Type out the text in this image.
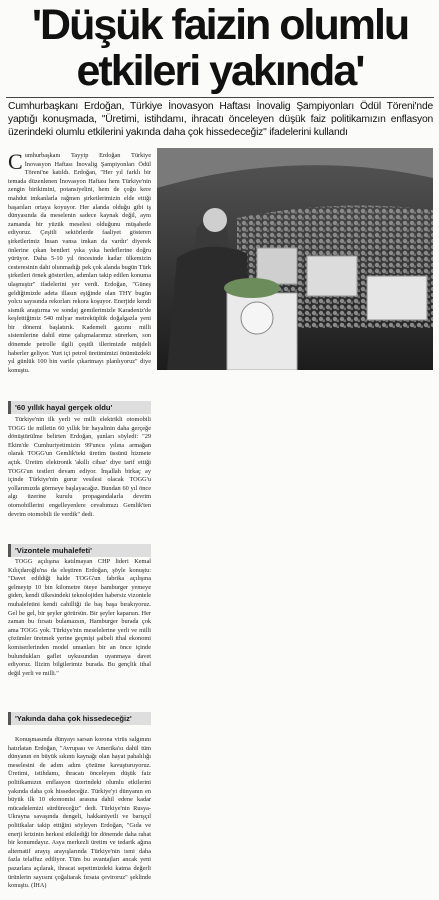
'Düşük faizin olumlu
etkileri yakında'
Cumhurbaşkanı Erdoğan, Türkiye İnovasyon Haftası İnovalig Şampiyonları Ödül Töreni'nde yaptığı konuşmada, "Üretimi, istihdamı, ihracatı önceleyen düşük faiz politikamızın enflasyon üzerindeki olumlu etkilerini yakında daha çok hissedeceğiz" ifadelerini kullandı

Cumhurbaşkanı Tayyip Erdoğan Türkiye İnovasyon Haftası İnovalig Şampiyonları Ödül Töreni'ne katıldı. Erdoğan, "Her yıl farklı bir temada düzenlenen İnovasyon Haftası hem Türkiye'nin zengin birikimini, potansiyelini, hem de çoğu kere mahdut imkanlarla rağmen şirketlerimizin elde ettiği başarıları ortaya koyuyor. Her alanda olduğu gibi iş dünyasında da meselenin sadece kaynak değil, aynı zamanda bir yüzük meselesi olduğunu müşahede ediyoruz. Çeşitli sektörlerde faaliyet gösteren şirketlerimiz İnsan vansa imkan da vardır' diyerek önlerine çıkan bentleri yıka yıka hedeflerine doğru yürüyor. Daha 5-10 yıl öncesinde kadar ülkemizin cesteresinin dahi olunmadığı pek çok alanda bugün Türk şirketleri örnek gösterilen, adımları takip edilen konuma ulaşmıştır" ifadelerini yer verdi. Erdoğan, "Güneş geldiğimizde adeta illasın eşiğinde olan THY bugün yolcu sayısında rekorları rekora koşuyor. Enerjide kendi sismik araştırma ve sondaj gemilerimizle Karadeniz'de keşfettiğimiz 540 milyar metreküplük doğalgazla yeni bir dönemi başlatırık. Kademeli gazımı milli sistemlerine dahil etme çalışmalarımız sürerken, son dönemde petrolle ilgili çeşitli illerimizde müjdeli haberler geliyor. Yurt içi petrol üretimimizi önümüzdeki yıl günlük 100 bin varile çıkartmayı planlıyoruz" diye konuştu.

'60 yıllık hayal gerçek oldu'

Türkiye'nin ilk yerli ve milli elektrikli otomobili TOGG ile milletin 60 yıllık bir hayalinin daha gerçeğe dönüştürülme belirten Erdoğan, şunları söyledi: "29 Ekim'de Cumhuriyetimizin 99'uncu yılına armağan olarak TOGG'un Gemlik'teki üretim üssünü hizmete açtık. Üretim elektronik 'akıllı cihaz' diye tarif ettiği TOGG'un testleri devam ediyor. İnşallah birkaç ay içinde Türkiye'nin gurur vesilesi olacak TOGG'u yollarımızda görmeye başlayacağız. Bundan 60 yıl önce algı üzerine kurulu propagandalarla devrim otomobillerini engelleyenlere cevabımızı Gemlik'ten devrim otomobili ile verdik" dedi.

'Vizontele muhalefeti'

TOGG açılışına katılmayan CHP lideri Kemal Kılıçdaroğlu'na da eleştiren Erdoğan, şöyle konuştu: "Davet edildiği halde TOGG'un fabrika açılışına gelmeyip 10 bin kilometre öteye hamburger yemeye giden, kendi ülkesindeki teknolojiden habersiz vizontele muhalefetini kendi cahilliği ile baş başa bırakıyoruz. Gel be gel, bir şeyler görürsün. Bir şeyler kaparsın. Her zaman bu fırsatı bulamazsın, Hamburger burada çok ama TOGG yok. Türkiye'nin meselelerine yerli ve milli çözümler üretmek yerine geçmişi şaibeli ithal ekonomi komiserlerinden model umanları bir an önce içinde bulundukları gaflet uykusundan uyanmaya davet ediyoruz. İlizim bilgilerimiz burada. Bu gençlik ithal değil yerli ve milli."

'Yakında daha çok hissedeceğiz'

Konuşmasında dünyayı sarsan korona virüs salgınını hatırlatan Erdoğan, "Avrupası ve Amerika'sı dahil tüm dünyanın en büyük sıkıntı kaynağı olan hayat pahalılığı meselesini de adım adım çözüme kavuşturuyoruz. Üretimi, istihdamı, ihracatı önceleyen düşük faiz politikamızın enflasyon üzerindeki olumlu etkilerini yakında daha çok hissedeceğiz. Türkiye'yi dünyanın en büyük ilk 10 ekonomisi arasına dahil edene kadar mücadelemizi sürdüreceğiz" dedi. Türkiye'nin Rusya-Ukrayna savaşında dengeli, hakkaniyetli ve barışçıl politikalar takip ettiğini söyleyen Erdoğan, "Gıda ve enerji krizinin herkesi etkilediği bir dönemde daha rahat bir konumdayız. Asya merkezli üretim ve tedarik ağına alternatif arayış arayışlarında Türkiye'nin ismi daha fazla telaffuz ediliyor. Tüm bu avantajları ancak yeni pazarlara açılarak, ihracat sepetimizdeki katma değerli ürünlerin sayısını çoğaltarak fırsata çeviroruz" şeklinde konuştu. (İHA)
